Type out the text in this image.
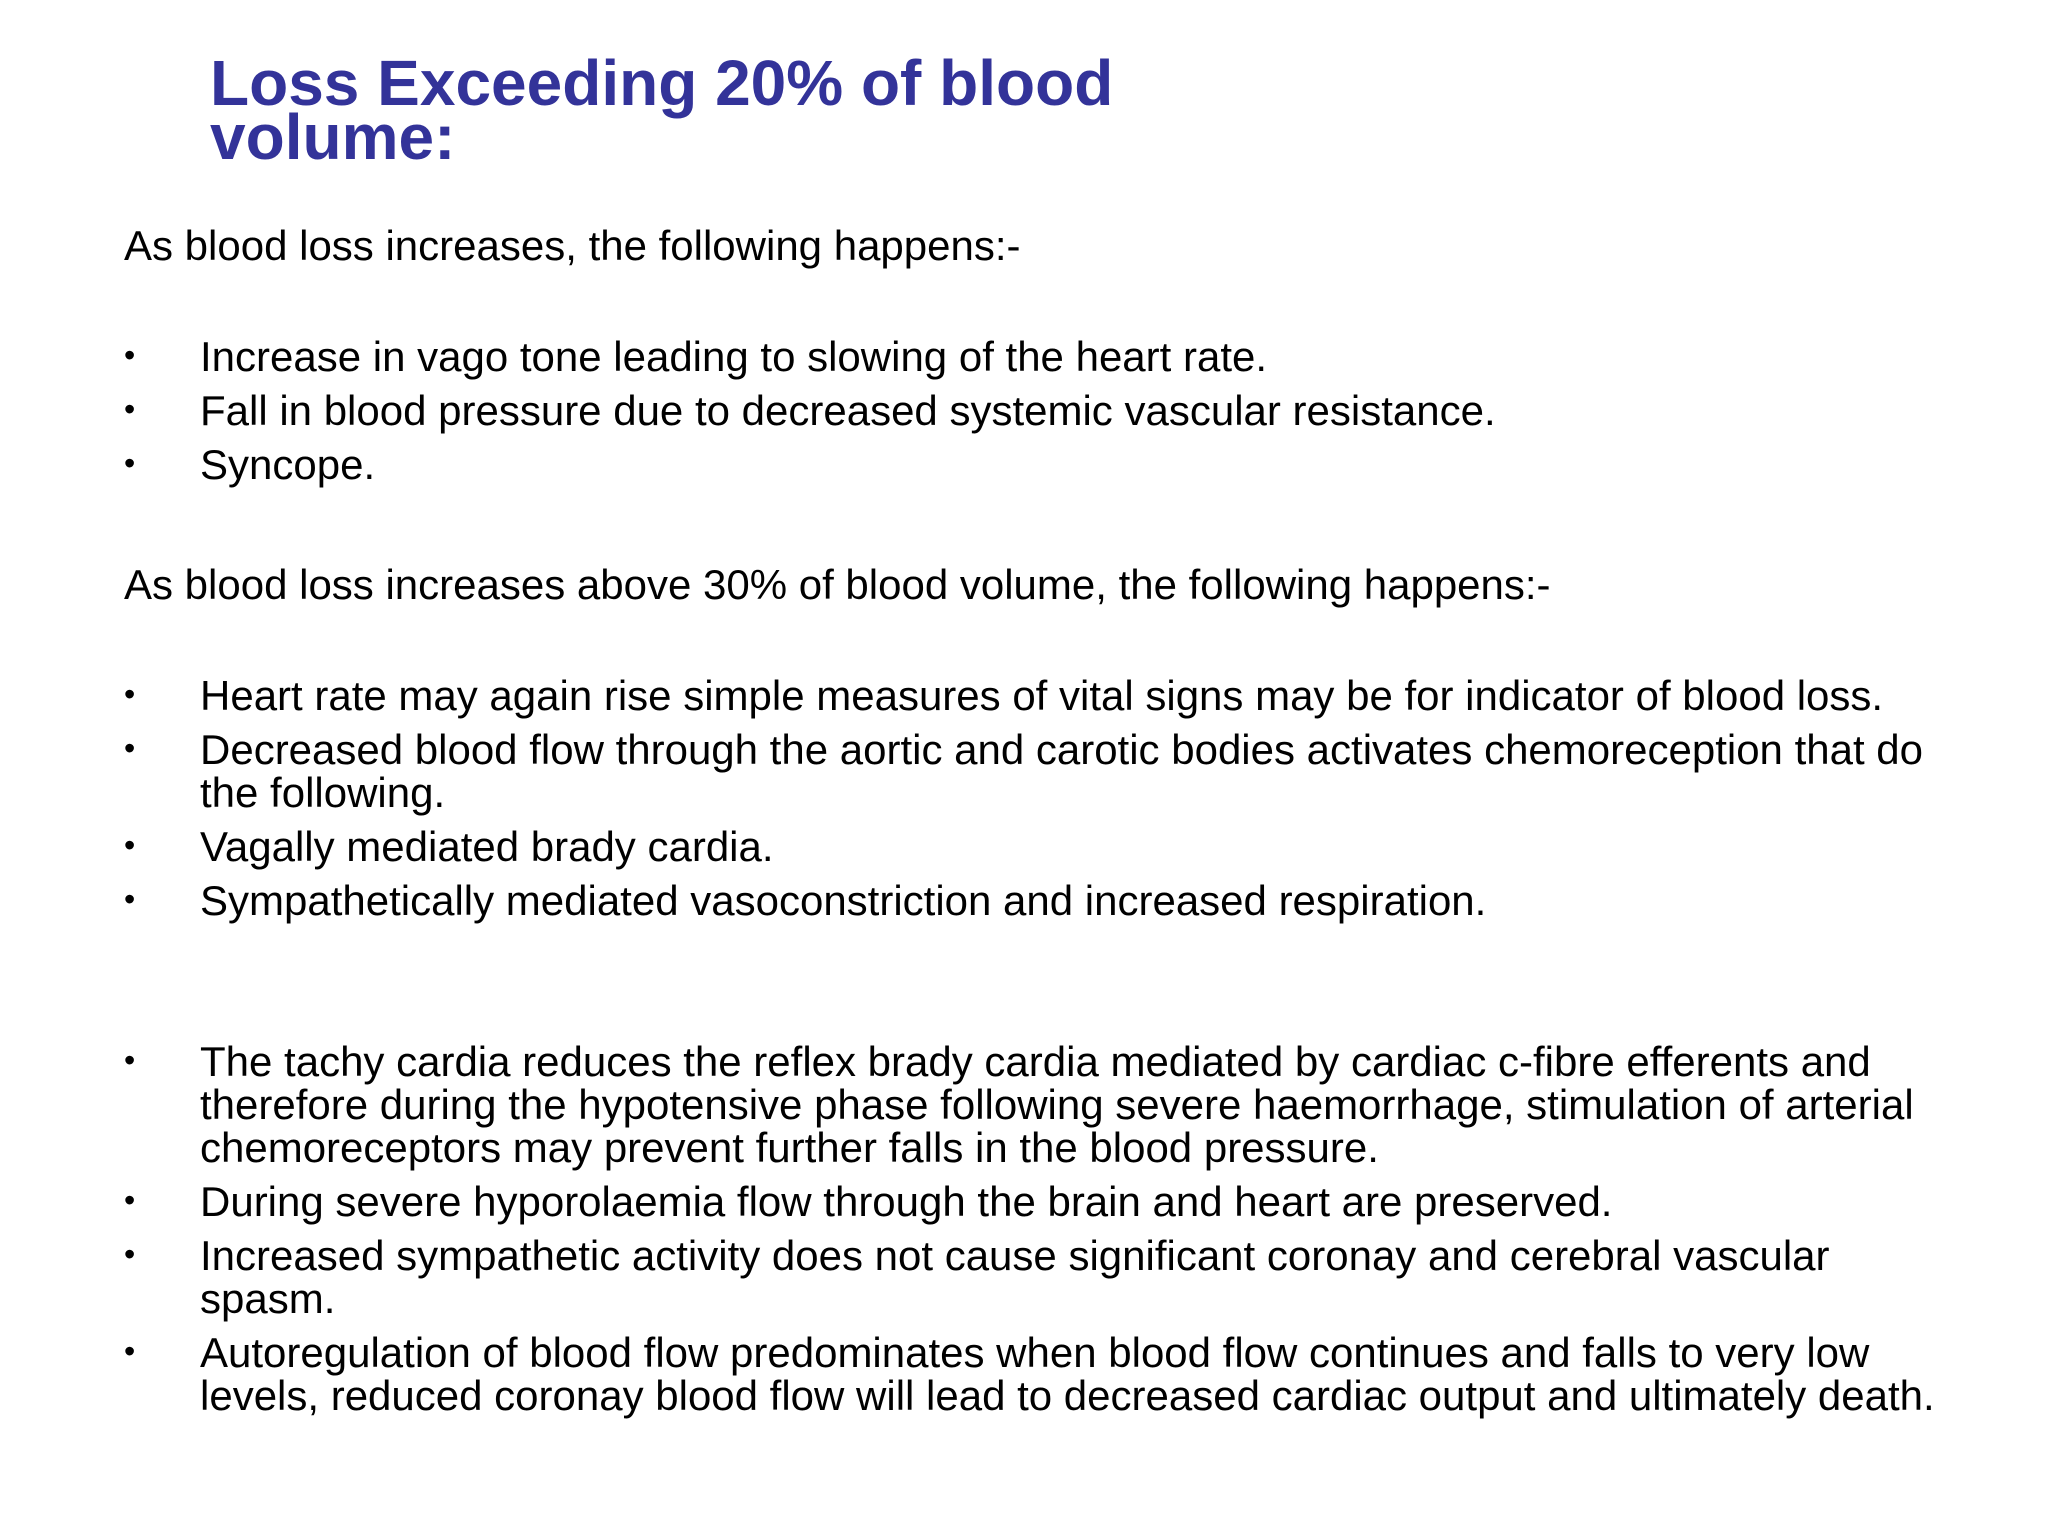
Loss Exceeding 20% of blood volume:

As blood loss increases, the following happens:-

• Increase in vago tone leading to slowing of the heart rate.
• Fall in blood pressure due to decreased systemic vascular resistance.
• Syncope.

As blood loss increases above 30% of blood volume, the following happens:-

• Heart rate may again rise simple measures of vital signs may be for indicator of blood loss.
• Decreased blood flow through the aortic and carotic bodies activates chemoreception that do the following.
• Vagally mediated brady cardia.
• Sympathetically mediated vasoconstriction and increased respiration.
• The tachy cardia reduces the reflex brady cardia mediated by cardiac c-fibre efferents and therefore during the hypotensive phase following severe haemorrhage, stimulation of arterial chemoreceptors may prevent further falls in the blood pressure.
• During severe hyporolaemia flow through the brain and heart are preserved.
• Increased sympathetic activity does not cause significant coronay and cerebral vascular spasm.
• Autoregulation of blood flow predominates when blood flow continues and falls to very low levels, reduced coronay blood flow will lead to decreased cardiac output and ultimately death.
